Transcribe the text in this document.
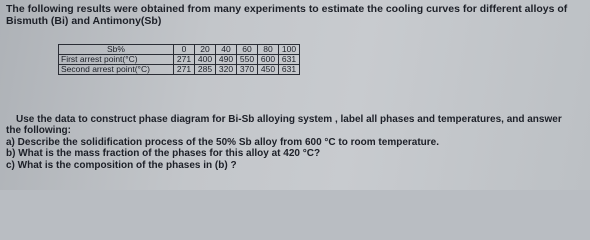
The following results were obtained from many experiments to estimate the cooling curves for different alloys of
Bismuth (Bi) and Antimony(Sb)
Sb%	0	20	40	60	80	100
First arrest point(°C)	271	400	490	550	600	631
Second arrest point(°C)	271	285	320	370	450	631
Use the data to construct phase diagram for Bi-Sb alloying system , label all phases and temperatures, and answer
the following:
a) Describe the solidification process of the 50% Sb alloy from 600 °C to room temperature.
b) What is the mass fraction of the phases for this alloy at 420 °C?
c) What is the composition of the phases in (b) ?
